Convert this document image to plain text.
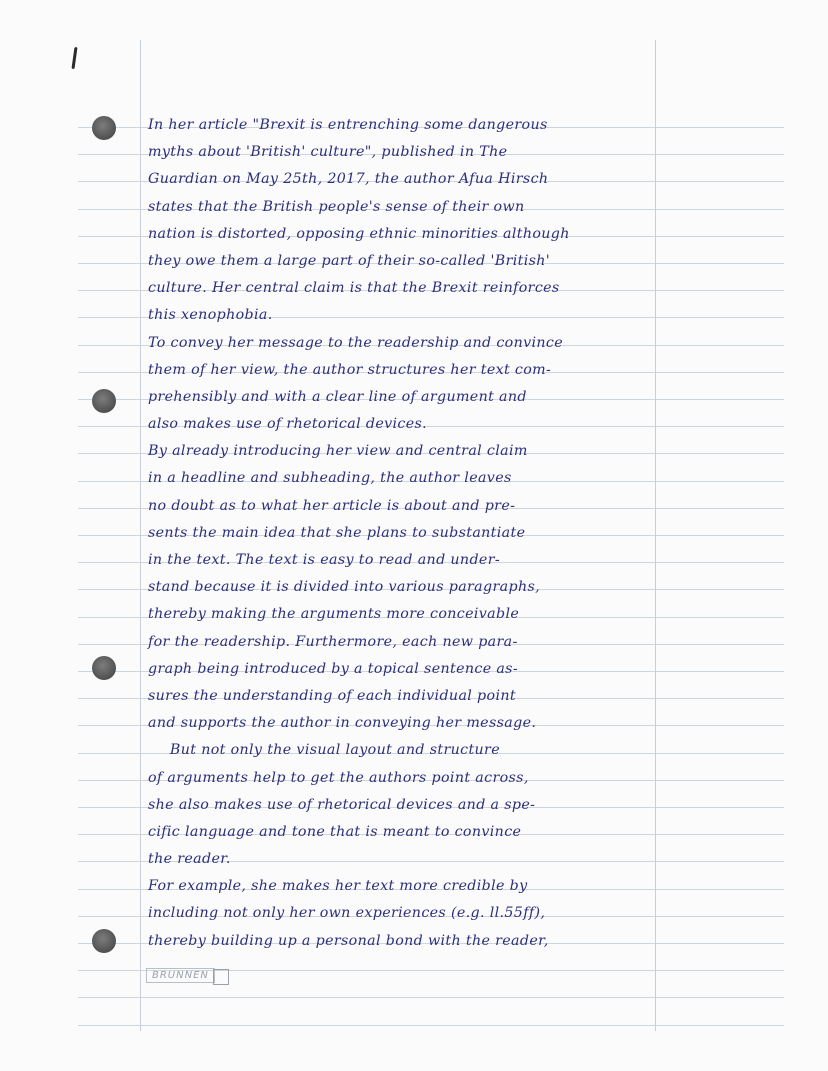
In her article "Brexit is entrenching some dangerous
myths about 'British' culture", published in The
Guardian on May 25th, 2017, the author Afua Hirsch
states that the British people's sense of their own
nation is distorted, opposing ethnic minorities although
they owe them a large part of their so-called 'British'
culture. Her central claim is that the Brexit reinforces
this xenophobia.
To convey her message to the readership and convince
them of her view, the author structures her text com-
prehensibly and with a clear line of argument and
also makes use of rhetorical devices.
By already introducing her view and central claim
in a headline and subheading, the author leaves
no doubt as to what her article is about and pre-
sents the main idea that she plans to substantiate
in the text. The text is easy to read and under-
stand because it is divided into various paragraphs,
thereby making the arguments more conceivable
for the readership. Furthermore, each new para-
graph being introduced by a topical sentence as-
sures the understanding of each individual point
and supports the author in conveying her message.
But not only the visual layout and structure
of arguments help to get the authors point across,
she also makes use of rhetorical devices and a spe-
cific language and tone that is meant to convince
the reader.
For example, she makes her text more credible by
including not only her own experiences (e.g. ll.55ff),
thereby building up a personal bond with the reader,
BRUNNEN
